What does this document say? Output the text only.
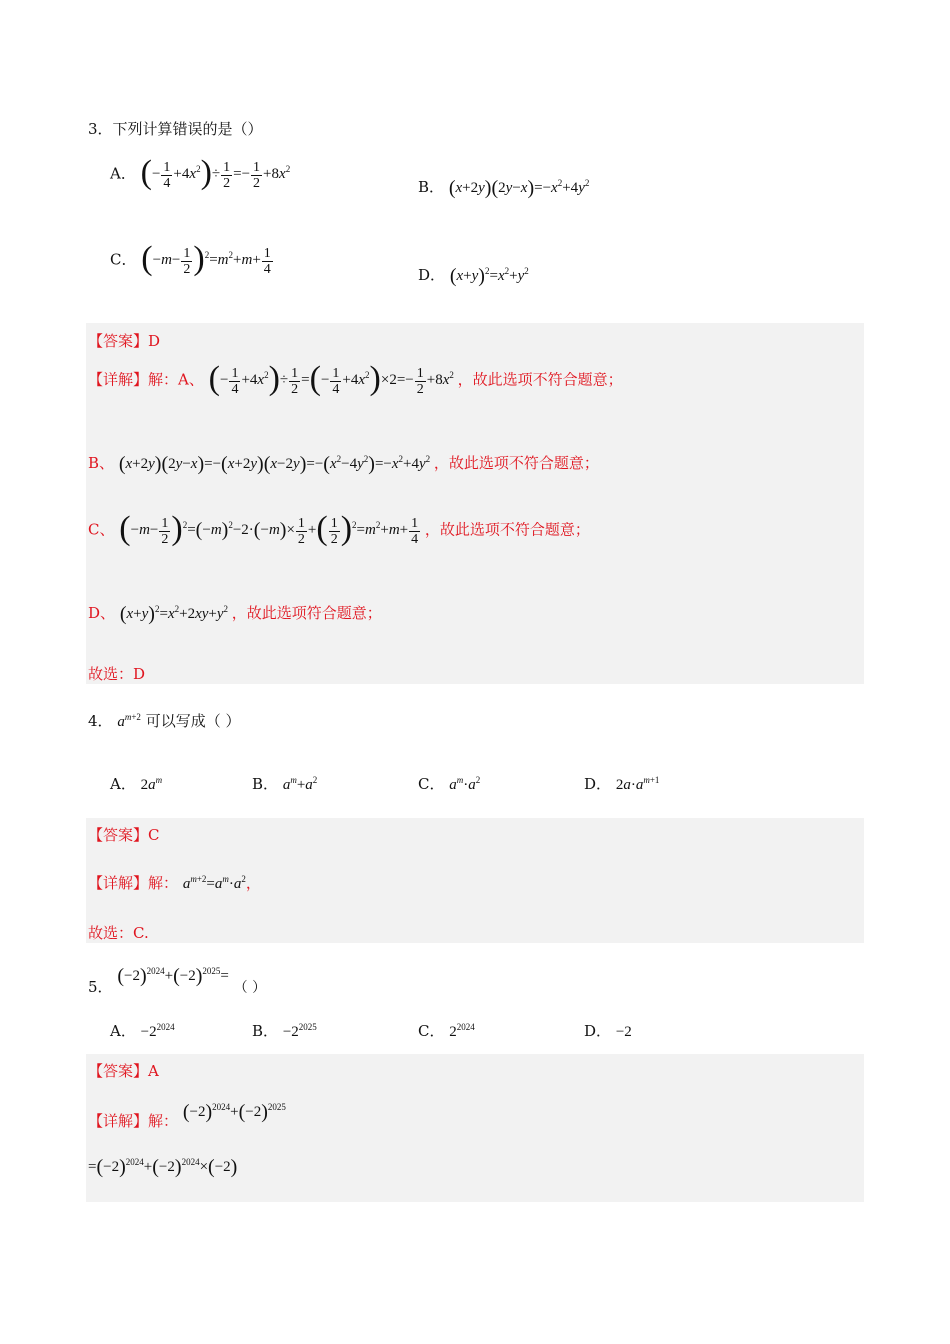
3．下列计算错误的是（）
A． (− $\frac{1}{4} +4x^2)\div \frac{1}{2} =- \frac{1}{2} +8x^2$
B． $(x+2y)(2y-x)=-x^2+4y^2$
C． $(-m- \frac{1}{2} )^2=m^2+m+ \frac{1}{4}$	D． $(x+y)^2=x^2+y^2$
【答案】D
【详解】解：A、 (− $\frac{1}{4} +4x^2)\div \frac{1}{2}$ =(− $\frac{1}{4} +4x^2)\times 2=- \frac{1}{2} +8x^2$ ，故此选项不符合题意；
B、 $(x+2y)(2y-x)=-(x+2y)(x-2y)=-(x^2-4y^2)=-x^2+4y^2$ ，故此选项不符合题意；
C、 $(-m- \frac{1}{2} )^2=(-m)^2-2\cdot(-m)\times \frac{1}{2}$ +( $\frac{1}{2} )^2=m^2+m+ \frac{1}{4}$ ，故此选项不符合题意；
D、 $(x+y)^2=x^2+2xy+y^2$ ，故此选项符合题意；
故选：D
4． $a^{m+2}$ 可以写成（ ）
A． $2a^m$	B． $a^m+a^2$	C． $a^m\cdot a^2$	D． $2a\cdot a^{m+1}$
【答案】C
【详解】解： $a^{m+2}=a^m\cdot a^2$，
故选：C.
5． $(-2)^{2024}+(-2)^{2025}=$ （ ）
A． $-2^{2024}$	B． $-2^{2025}$	C． $2^{2024}$	D． −2
【答案】A
【详解】解： $(-2)^{2024}+(-2)^{2025}$
$=(-2)^{2024}+(-2)^{2024}\times(-2)$
